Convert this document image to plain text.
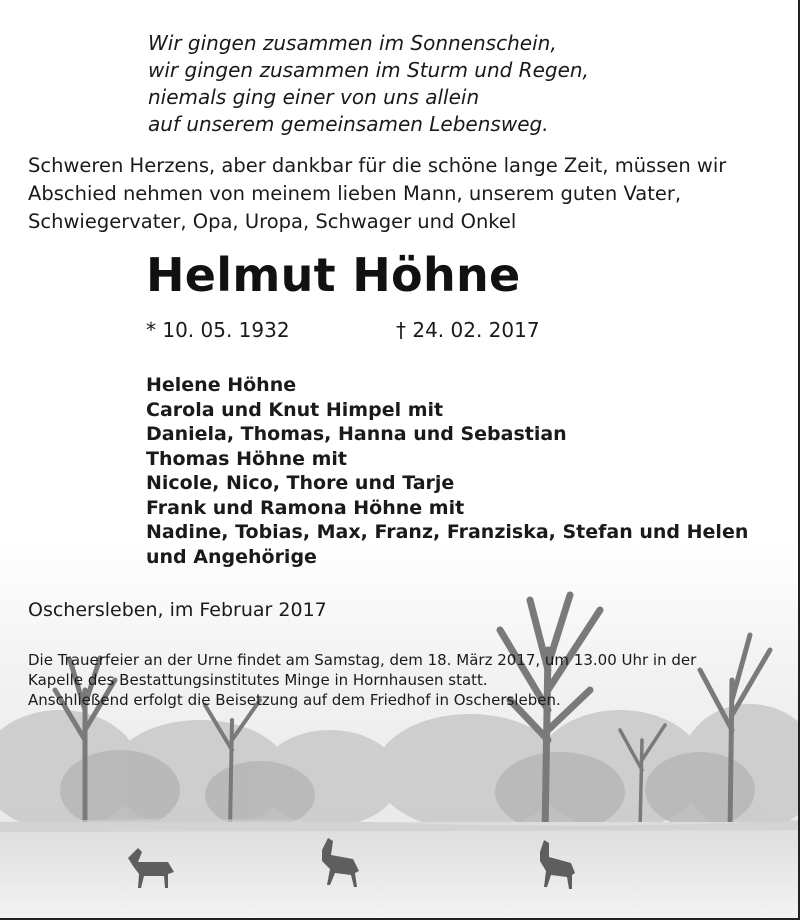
Wir gingen zusammen im Sonnenschein,
wir gingen zusammen im Sturm und Regen,
niemals ging einer von uns allein
auf unserem gemeinsamen Lebensweg.
Schweren Herzens, aber dankbar für die schöne lange Zeit, müssen wir Abschied nehmen von meinem lieben Mann, unserem guten Vater, Schwiegervater, Opa, Uropa, Schwager und Onkel
Helmut Höhne
* 10. 05. 1932	† 24. 02. 2017
Helene Höhne
Carola und Knut Himpel mit
Daniela, Thomas, Hanna und Sebastian
Thomas Höhne mit
Nicole, Nico, Thore und Tarje
Frank und Ramona Höhne mit
Nadine, Tobias, Max, Franz, Franziska, Stefan und Helen
und Angehörige
Oschersleben, im Februar 2017
Die Trauerfeier an der Urne findet am Samstag, dem 18. März 2017, um 13.00 Uhr in der
Kapelle des Bestattungsinstitutes Minge in Hornhausen statt.
Anschließend erfolgt die Beisetzung auf dem Friedhof in Oschersleben.
